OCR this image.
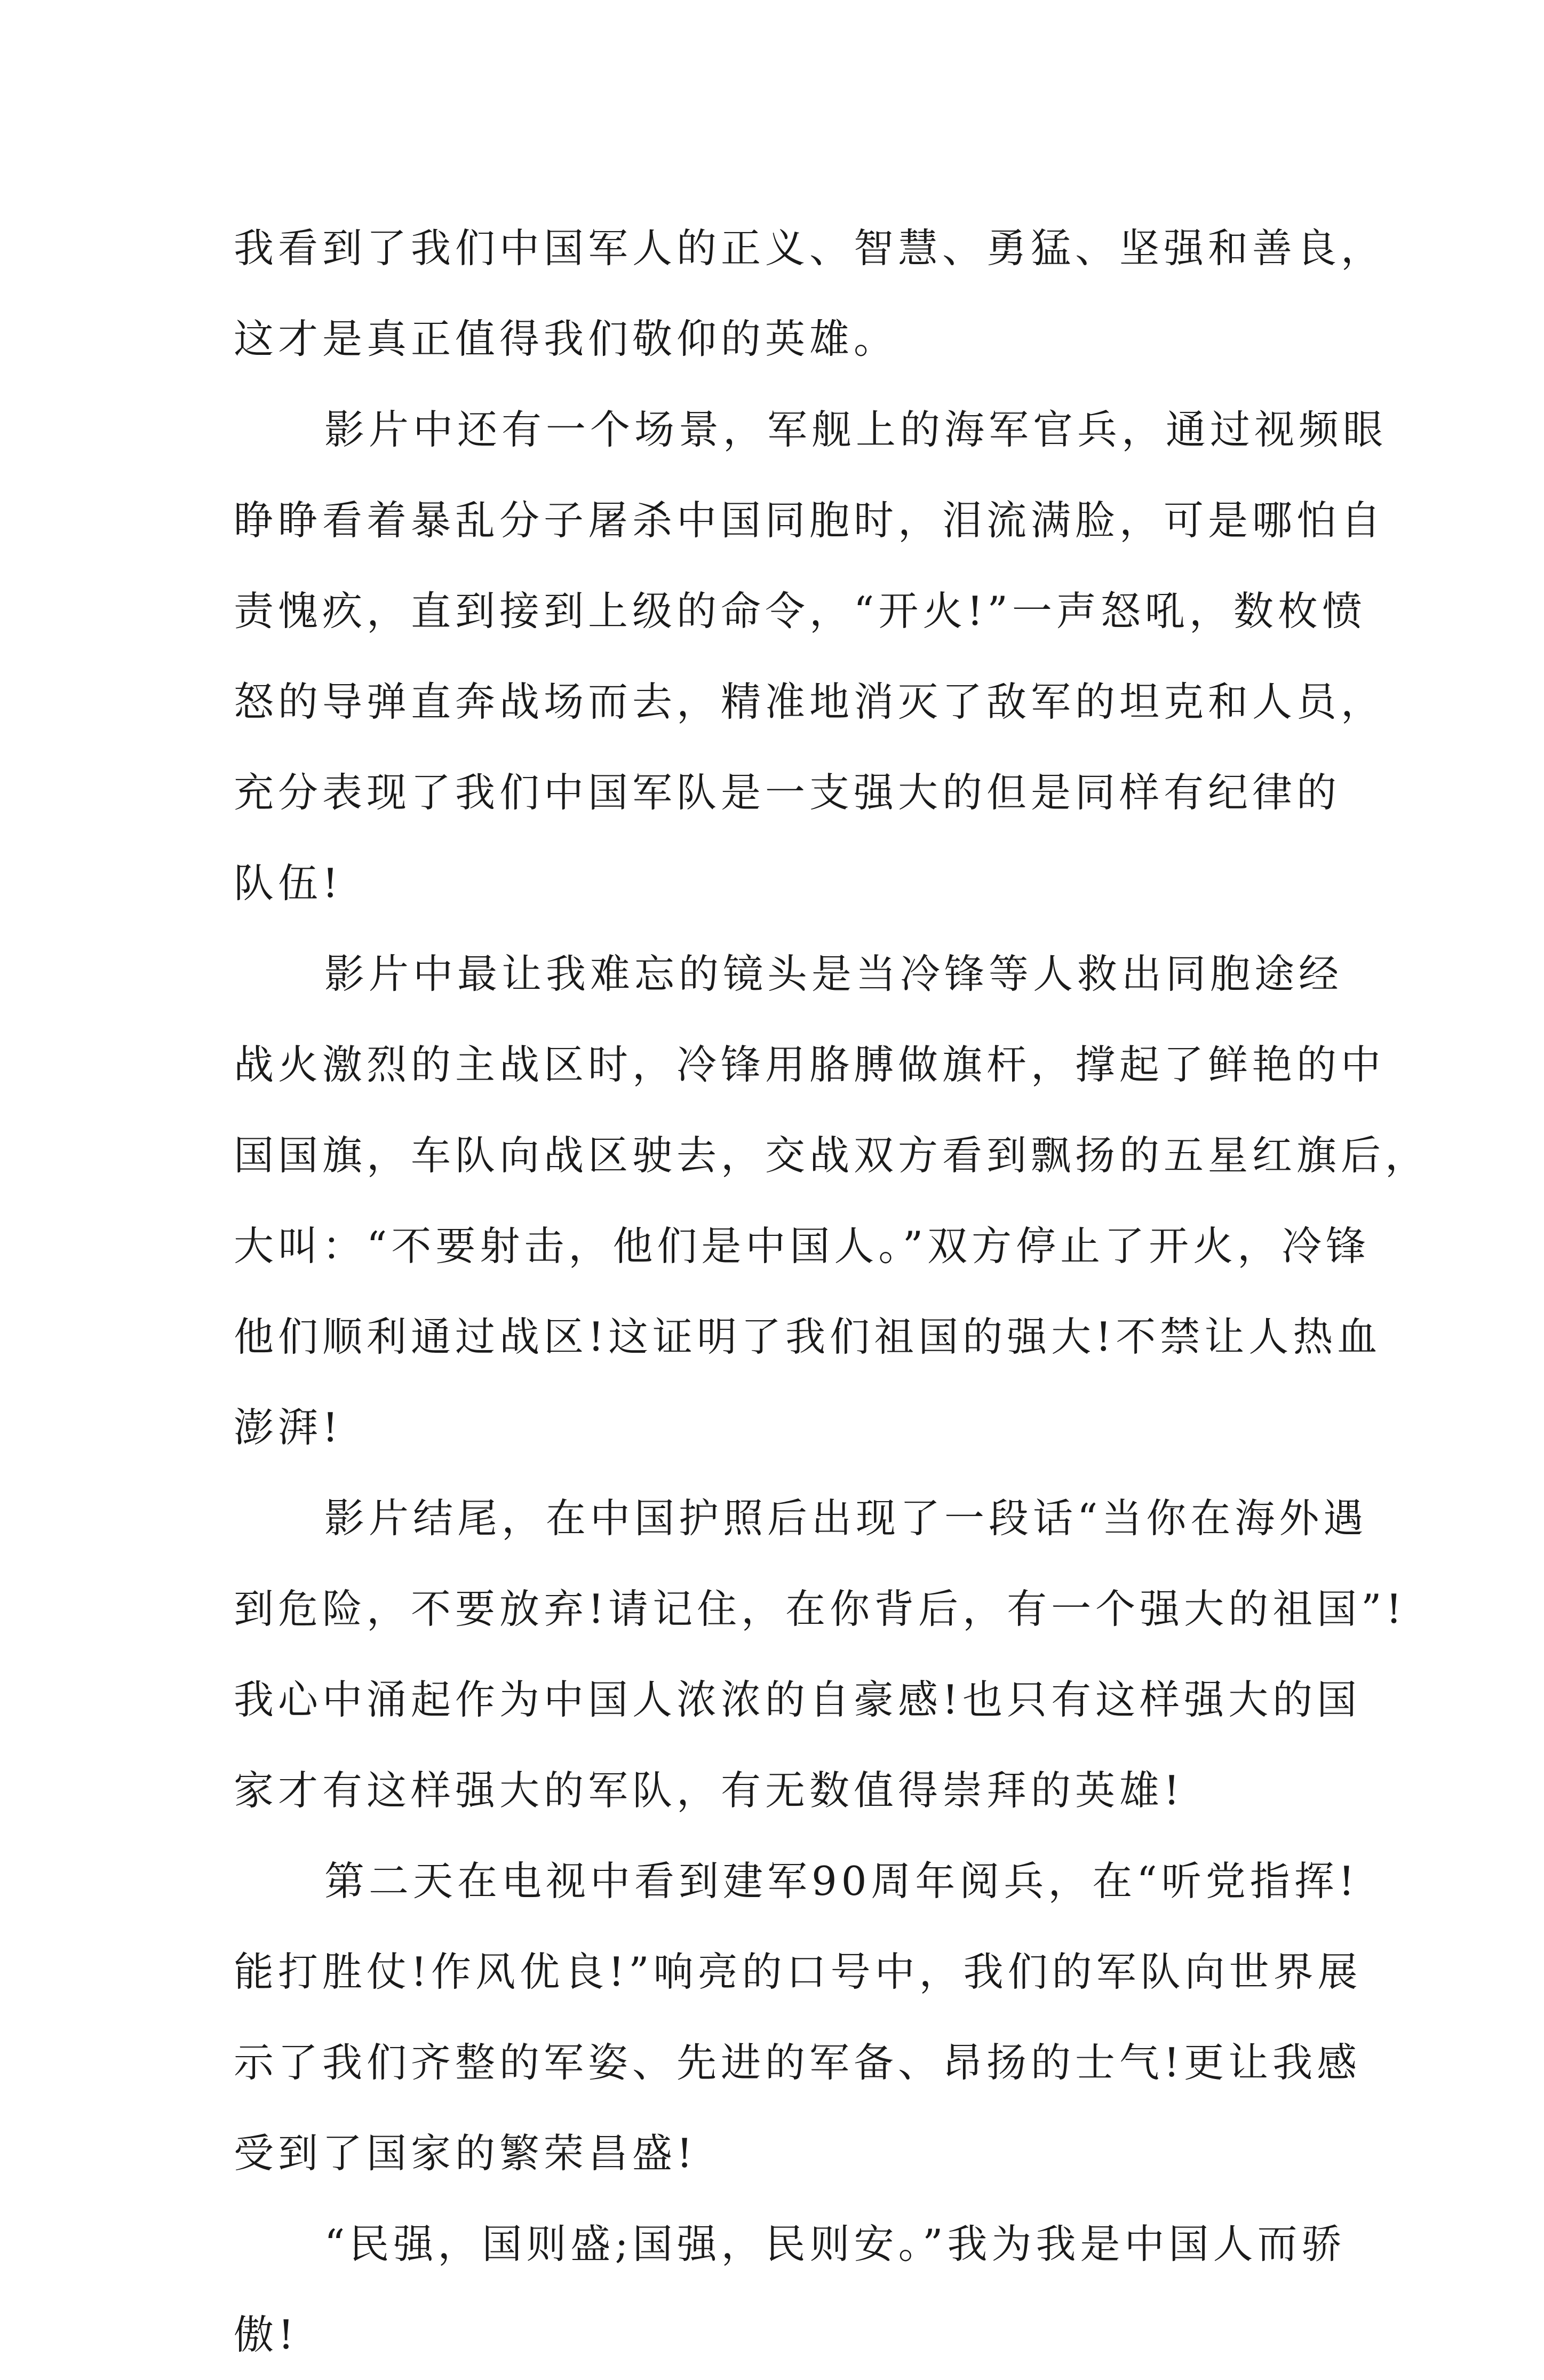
我看到了我们中国军人的正义、智慧、勇猛、坚强和善良，
这才是真正值得我们敬仰的英雄。
影片中还有一个场景，军舰上的海军官兵，通过视频眼
睁睁看着暴乱分子屠杀中国同胞时，泪流满脸，可是哪怕自
责愧疚，直到接到上级的命令，“开火!”一声怒吼，数枚愤
怒的导弹直奔战场而去，精准地消灭了敌军的坦克和人员，
充分表现了我们中国军队是一支强大的但是同样有纪律的
队伍!
影片中最让我难忘的镜头是当冷锋等人救出同胞途经
战火激烈的主战区时，冷锋用胳膊做旗杆，撑起了鲜艳的中
国国旗，车队向战区驶去，交战双方看到飘扬的五星红旗后，
大叫：“不要射击，他们是中国人。”双方停止了开火，冷锋
他们顺利通过战区!这证明了我们祖国的强大!不禁让人热血
澎湃!
影片结尾，在中国护照后出现了一段话“当你在海外遇
到危险，不要放弃!请记住，在你背后，有一个强大的祖国”!
我心中涌起作为中国人浓浓的自豪感!也只有这样强大的国
家才有这样强大的军队，有无数值得崇拜的英雄!
第二天在电视中看到建军90周年阅兵，在“听党指挥!
能打胜仗!作风优良!”响亮的口号中，我们的军队向世界展
示了我们齐整的军姿、先进的军备、昂扬的士气!更让我感
受到了国家的繁荣昌盛!
“民强，国则盛;国强，民则安。”我为我是中国人而骄
傲!
